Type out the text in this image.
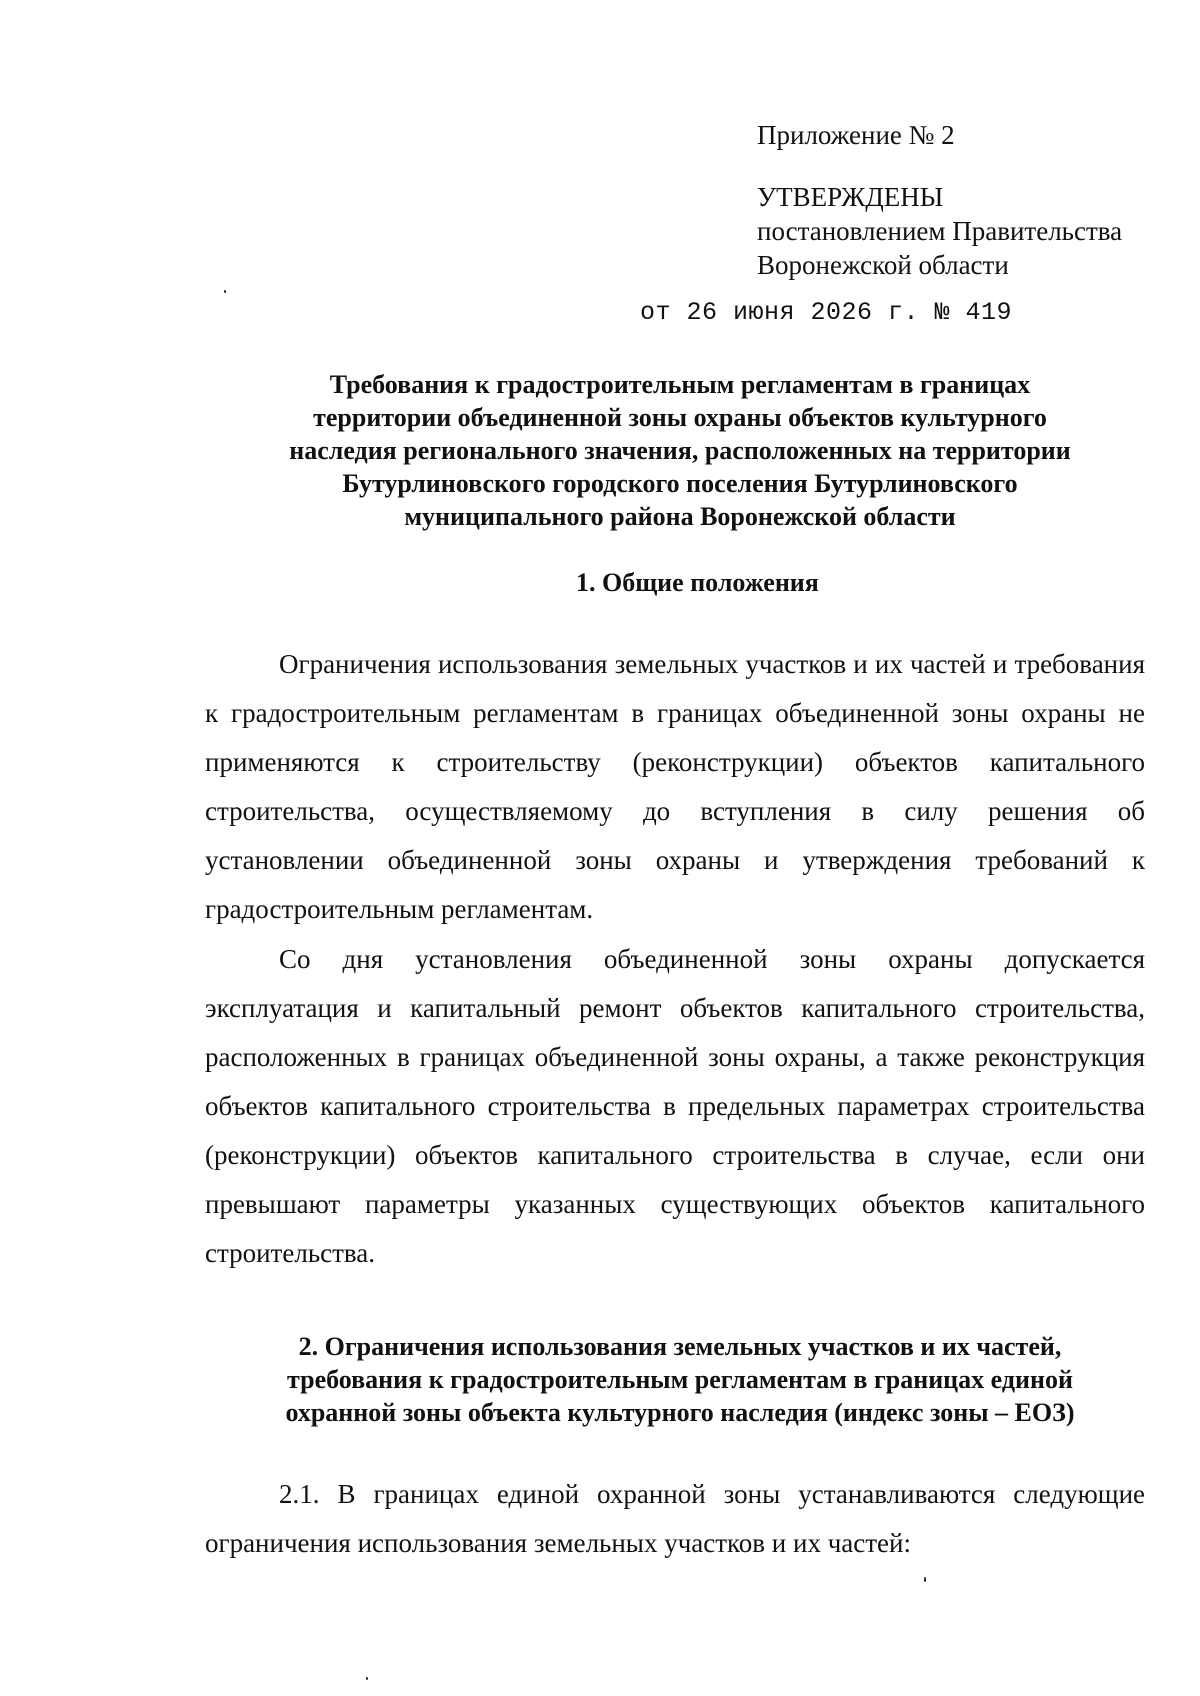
Приложение № 2
УТВЕРЖДЕНЫ
постановлением Правительства
Воронежской области
от 26 июня 2026 г. № 419
Требования к градостроительным регламентам в границах
территории объединенной зоны охраны объектов культурного
наследия регионального значения, расположенных на территории
Бутурлиновского городского поселения Бутурлиновского
муниципального района Воронежской области
1. Общие положения
Ограничения использования земельных участков и их частей и требования к градостроительным регламентам в границах объединенной зоны охраны не применяются к строительству (реконструкции) объектов капитального строительства, осуществляемому до вступления в силу решения об установлении объединенной зоны охраны и утверждения требований к градостроительным регламентам.
Со дня установления объединенной зоны охраны допускается эксплуатация и капитальный ремонт объектов капитального строительства, расположенных в границах объединенной зоны охраны, а также реконструкция объектов капитального строительства в предельных параметрах строительства (реконструкции) объектов капитального строительства в случае, если они превышают параметры указанных существующих объектов капитального строительства.
2. Ограничения использования земельных участков и их частей,
требования к градостроительным регламентам в границах единой
охранной зоны объекта культурного наследия (индекс зоны – ЕОЗ)
2.1. В границах единой охранной зоны устанавливаются следующие ограничения использования земельных участков и их частей:
